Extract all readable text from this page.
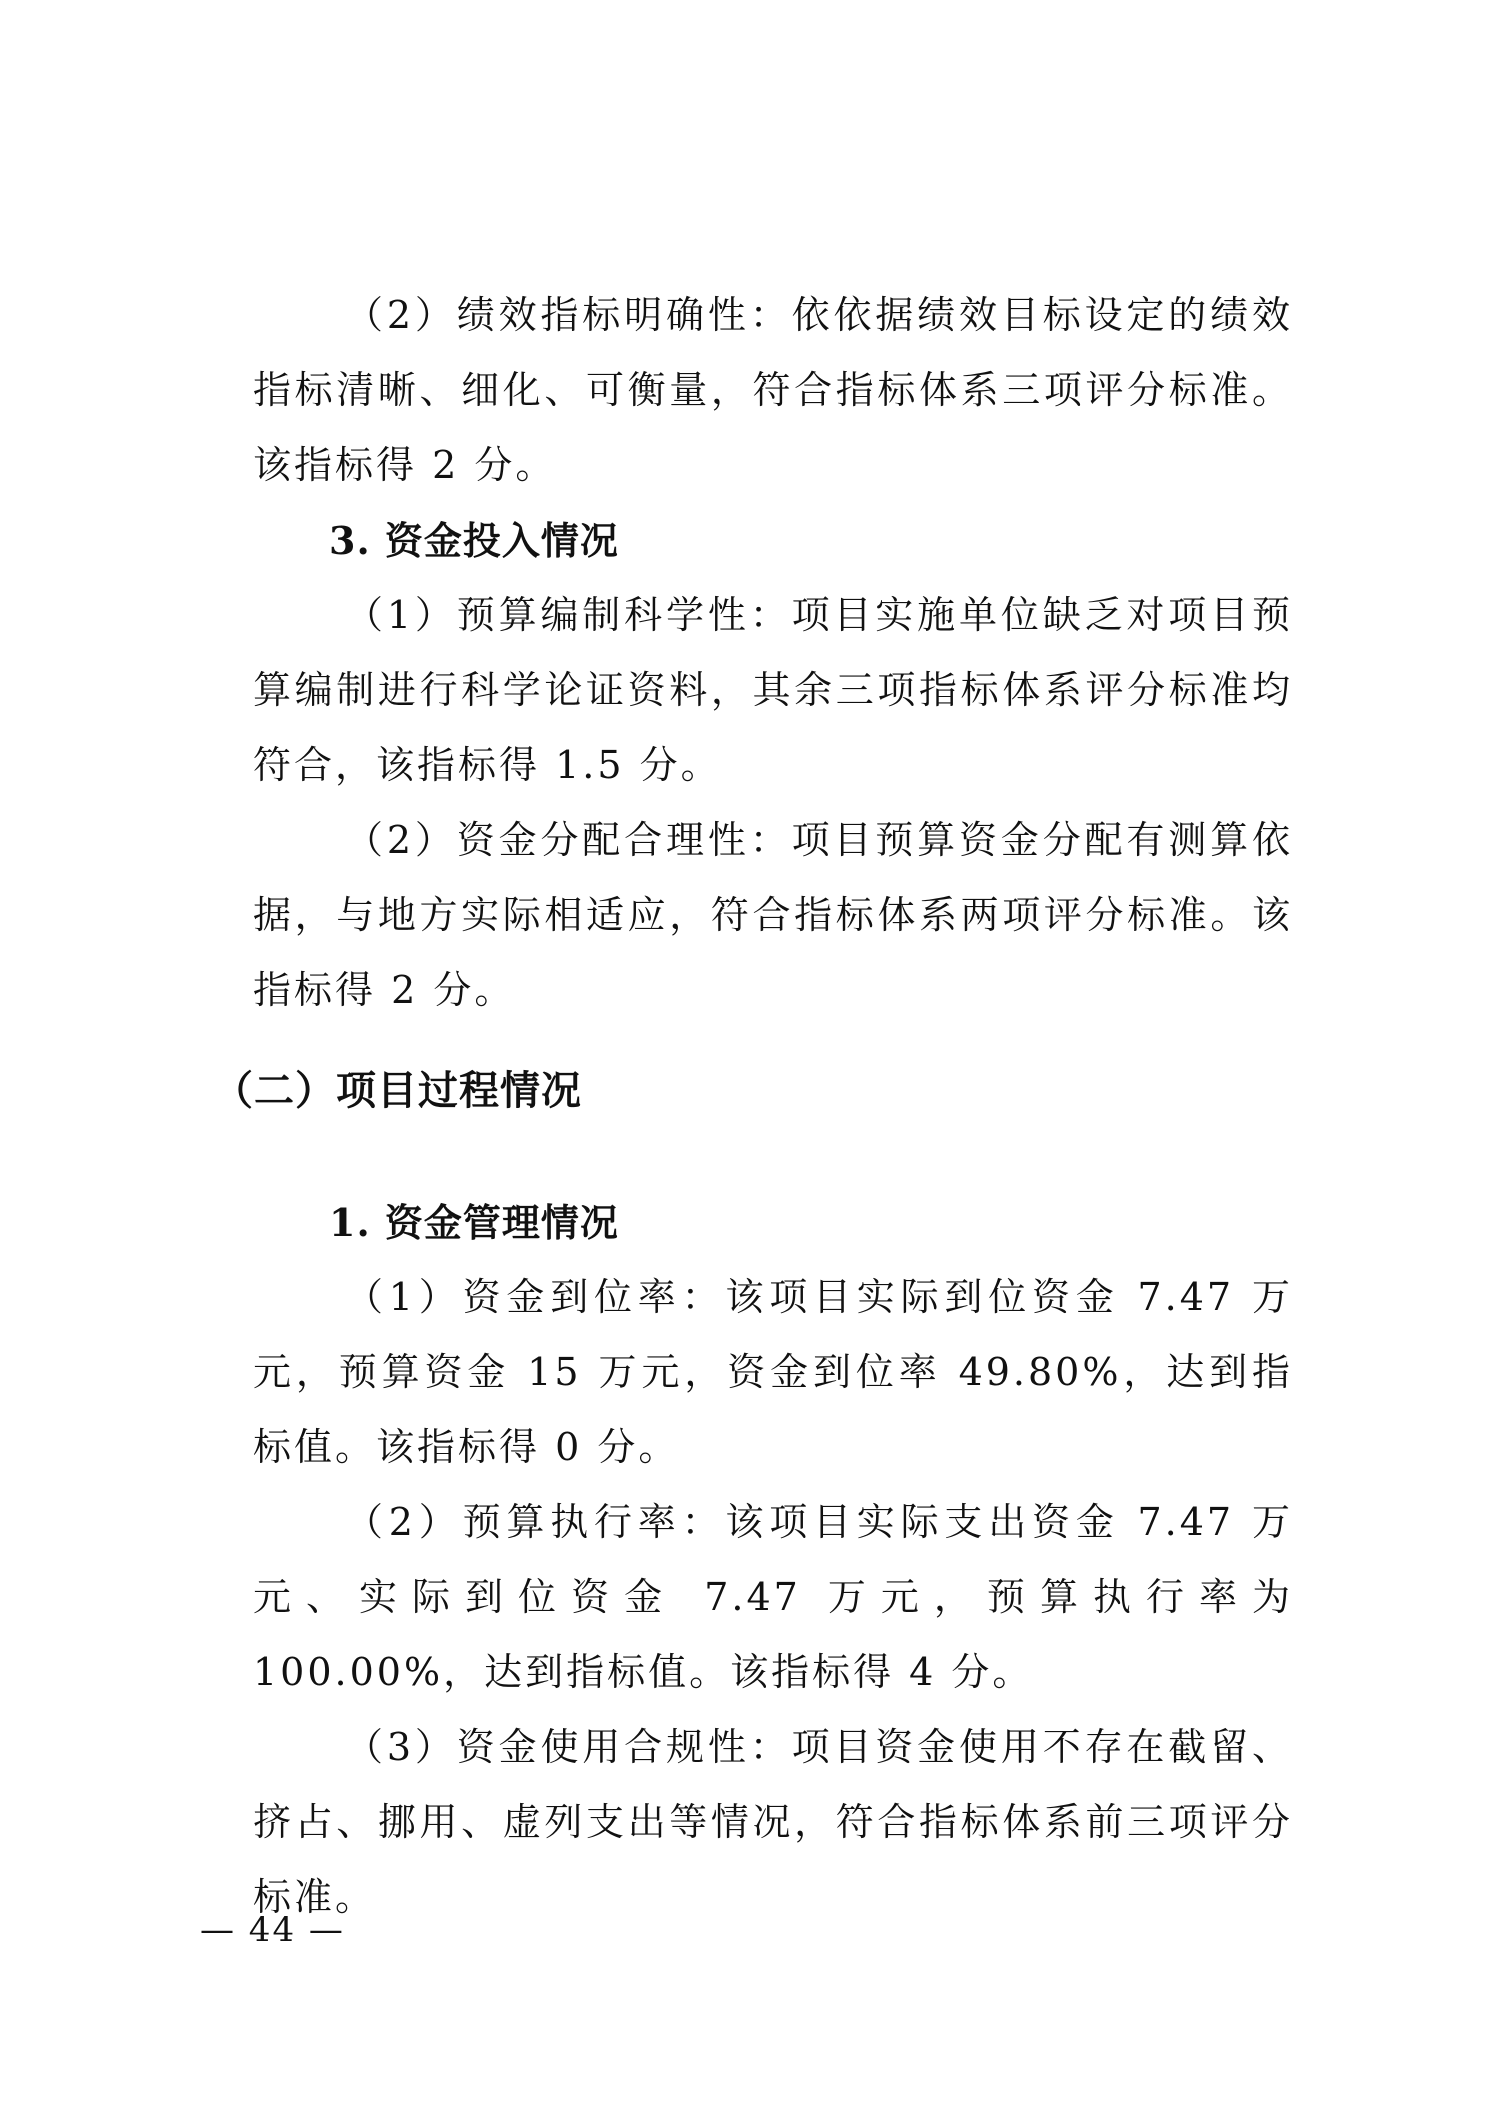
（2）绩效指标明确性：依依据绩效目标设定的绩效指标清晰、细化、可衡量，符合指标体系三项评分标准。该指标得 2 分。

3. 资金投入情况

（1）预算编制科学性：项目实施单位缺乏对项目预算编制进行科学论证资料，其余三项指标体系评分标准均符合，该指标得 1.5 分。

（2）资金分配合理性：项目预算资金分配有测算依据，与地方实际相适应，符合指标体系两项评分标准。该指标得 2 分。

（二）项目过程情况

1. 资金管理情况

（1）资金到位率：该项目实际到位资金 7.47 万元，预算资金 15 万元，资金到位率 49.80%，达到指标值。该指标得 0 分。

（2）预算执行率：该项目实际支出资金 7.47 万元、实际到位资金 7.47 万元，预算执行率为 100.00%，达到指标值。该指标得 4 分。

（3）资金使用合规性：项目资金使用不存在截留、挤占、挪用、虚列支出等情况，符合指标体系前三项评分标准。

— 44 —
